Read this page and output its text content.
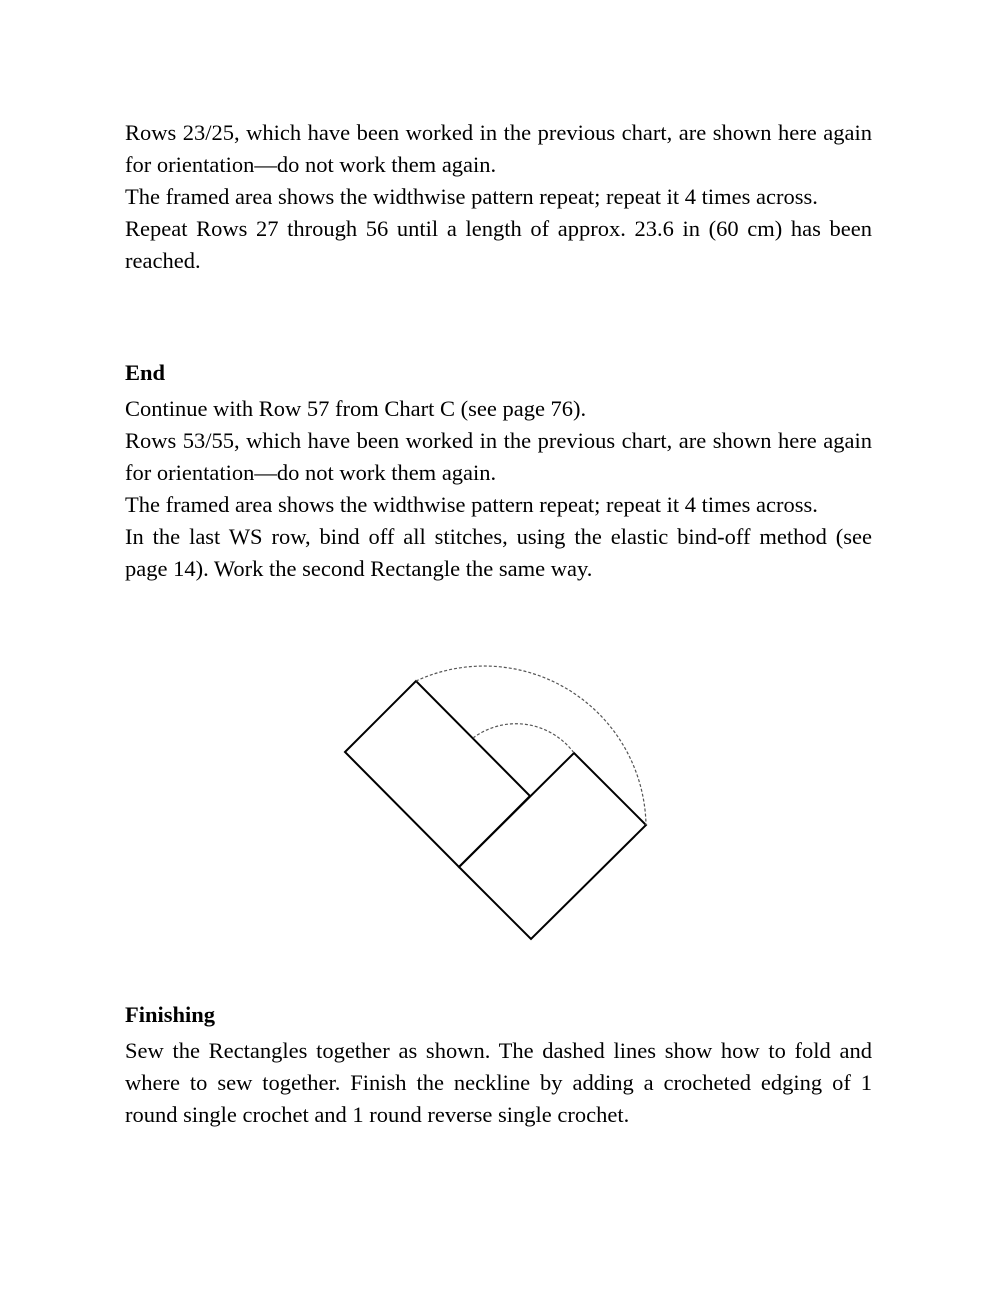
Rows 23/25, which have been worked in the previous chart, are shown here again for orientation—do not work them again.

The framed area shows the widthwise pattern repeat; repeat it 4 times across.

Repeat Rows 27 through 56 until a length of approx. 23.6 in (60 cm) has been reached.

End

Continue with Row 57 from Chart C (see page 76).

Rows 53/55, which have been worked in the previous chart, are shown here again for orientation—do not work them again.

The framed area shows the widthwise pattern repeat; repeat it 4 times across.

In the last WS row, bind off all stitches, using the elastic bind-off method (see page 14). Work the second Rectangle the same way.

Finishing

Sew the Rectangles together as shown. The dashed lines show how to fold and where to sew together. Finish the neckline by adding a crocheted edging of 1 round single crochet and 1 round reverse single crochet.
